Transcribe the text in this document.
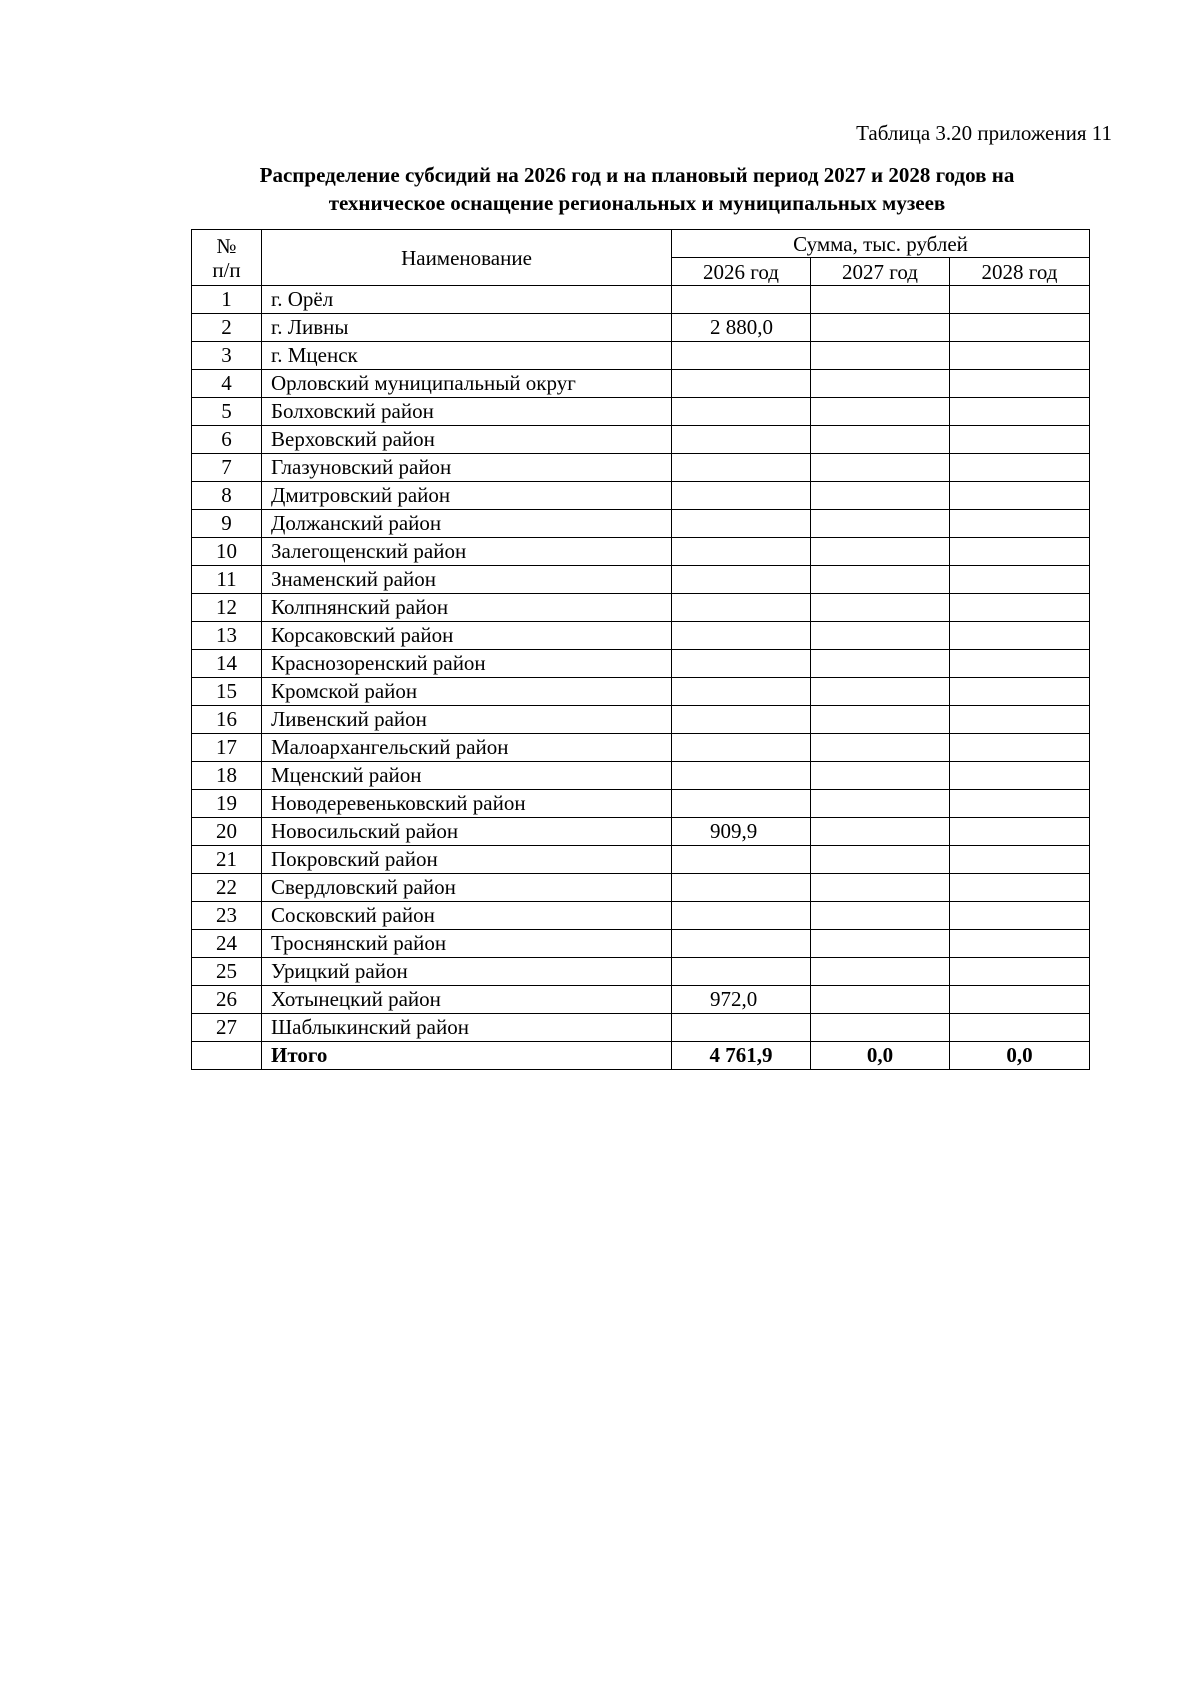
Таблица 3.20 приложения 11
Распределение субсидий на 2026 год и на плановый период 2027 и 2028 годов на
техническое оснащение региональных и муниципальных музеев
№
п/п	Наименование	Сумма, тыс. рублей		
		2026 год	2027 год	2028 год
1	г. Орёл			
2	г. Ливны	2 880,0		
3	г. Мценск			
4	Орловский муниципальный округ			
5	Болховский район			
6	Верховский район			
7	Глазуновский район			
8	Дмитровский район			
9	Должанский район			
10	Залегощенский район			
11	Знаменский район			
12	Колпнянский район			
13	Корсаковский район			
14	Краснозоренский район			
15	Кромской район			
16	Ливенский район			
17	Малоархангельский район			
18	Мценский район			
19	Новодеревеньковский район			
20	Новосильский район	909,9		
21	Покровский район			
22	Свердловский район			
23	Сосковский район			
24	Троснянский район			
25	Урицкий район			
26	Хотынецкий район	972,0		
27	Шаблыкинский район			
	Итого	4 761,9	0,0	0,0
